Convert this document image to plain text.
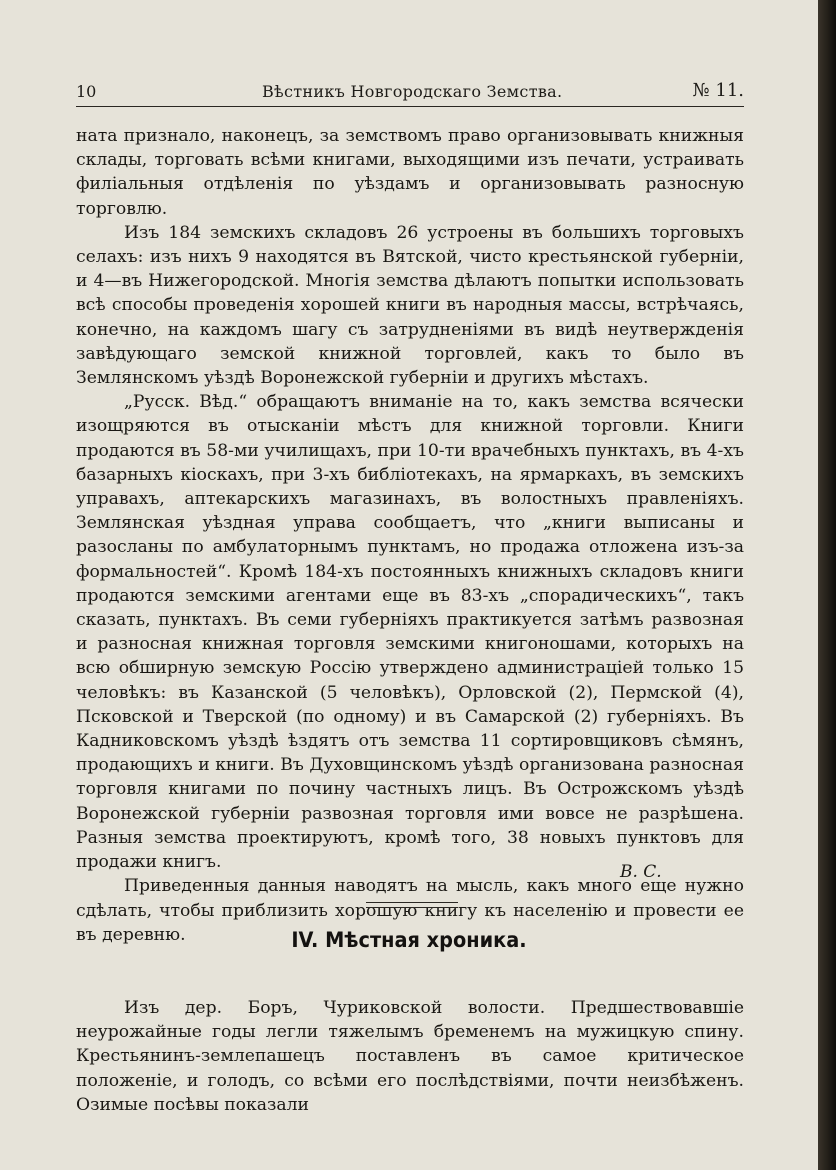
10	Вѣстникъ Новгородскаго Земства.	№ 11.

ната признало, наконецъ, за земствомъ право организовывать книжныя склады, торговать всѣми книгами, выходящими изъ печати, устраивать филіальныя отдѣленія по уѣздамъ и организовывать разносную торговлю.

Изъ 184 земскихъ складовъ 26 устроены въ большихъ торговыхъ селахъ: изъ нихъ 9 находятся въ Вятской, чисто крестьянской губерніи, и 4—въ Нижегородской. Многія земства дѣлаютъ попытки использовать всѣ способы проведенія хорошей книги въ народныя массы, встрѣчаясь, конечно, на каждомъ шагу съ затрудненіями въ видѣ неутвержденія завѣдующаго земской книжной торговлей, какъ то было въ Землянскомъ уѣздѣ Воронежской губерніи и другихъ мѣстахъ.

„Русск. Вѣд.“ обращаютъ вниманіе на то, какъ земства всячески изощряются въ отысканіи мѣстъ для книжной торговли. Книги продаются въ 58-ми училищахъ, при 10-ти врачебныхъ пунктахъ, въ 4-хъ базарныхъ кіоскахъ, при 3-хъ библіотекахъ, на ярмаркахъ, въ земскихъ управахъ, аптекарскихъ магазинахъ, въ волостныхъ правленіяхъ. Землянская уѣздная управа сообщаетъ, что „книги выписаны и разосланы по амбулаторнымъ пунктамъ, но продажа отложена изъ-за формальностей“. Кромѣ 184-хъ постоянныхъ книжныхъ складовъ книги продаются земскими агентами еще въ 83-хъ „спорадическихъ“, такъ сказать, пунктахъ. Въ семи губерніяхъ практикуется затѣмъ развозная и разносная книжная торговля земскими книгоношами, которыхъ на всю обширную земскую Россію утверждено администраціей только 15 человѣкъ: въ Казанской (5 человѣкъ), Орловской (2), Пермской (4), Псковской и Тверской (по одному) и въ Самарской (2) губерніяхъ. Въ Кадниковскомъ уѣздѣ ѣздятъ отъ земства 11 сортировщиковъ сѣмянъ, продающихъ и книги. Въ Духовщинскомъ уѣздѣ организована разносная торговля книгами по почину частныхъ лицъ. Въ Острожскомъ уѣздѣ Воронежской губерніи развозная торговля ими вовсе не разрѣшена. Разныя земства проектируютъ, кромѣ того, 38 новыхъ пунктовъ для продажи книгъ.

Приведенныя данныя наводятъ на мысль, какъ много еще нужно сдѣлать, чтобы приблизить хорошую книгу къ населенію и провести ее въ деревню.

В. С.
IV. Мѣстная хроника.

Изъ дер. Боръ, Чуриковской волости. Предшествовавшіе неурожайные годы легли тяжелымъ бременемъ на мужицкую спину. Крестьянинъ-землепашецъ поставленъ въ самое критическое положеніе, и голодъ, со всѣми его послѣдствіями, почти неизбѣженъ. Озимые посѣвы показали
